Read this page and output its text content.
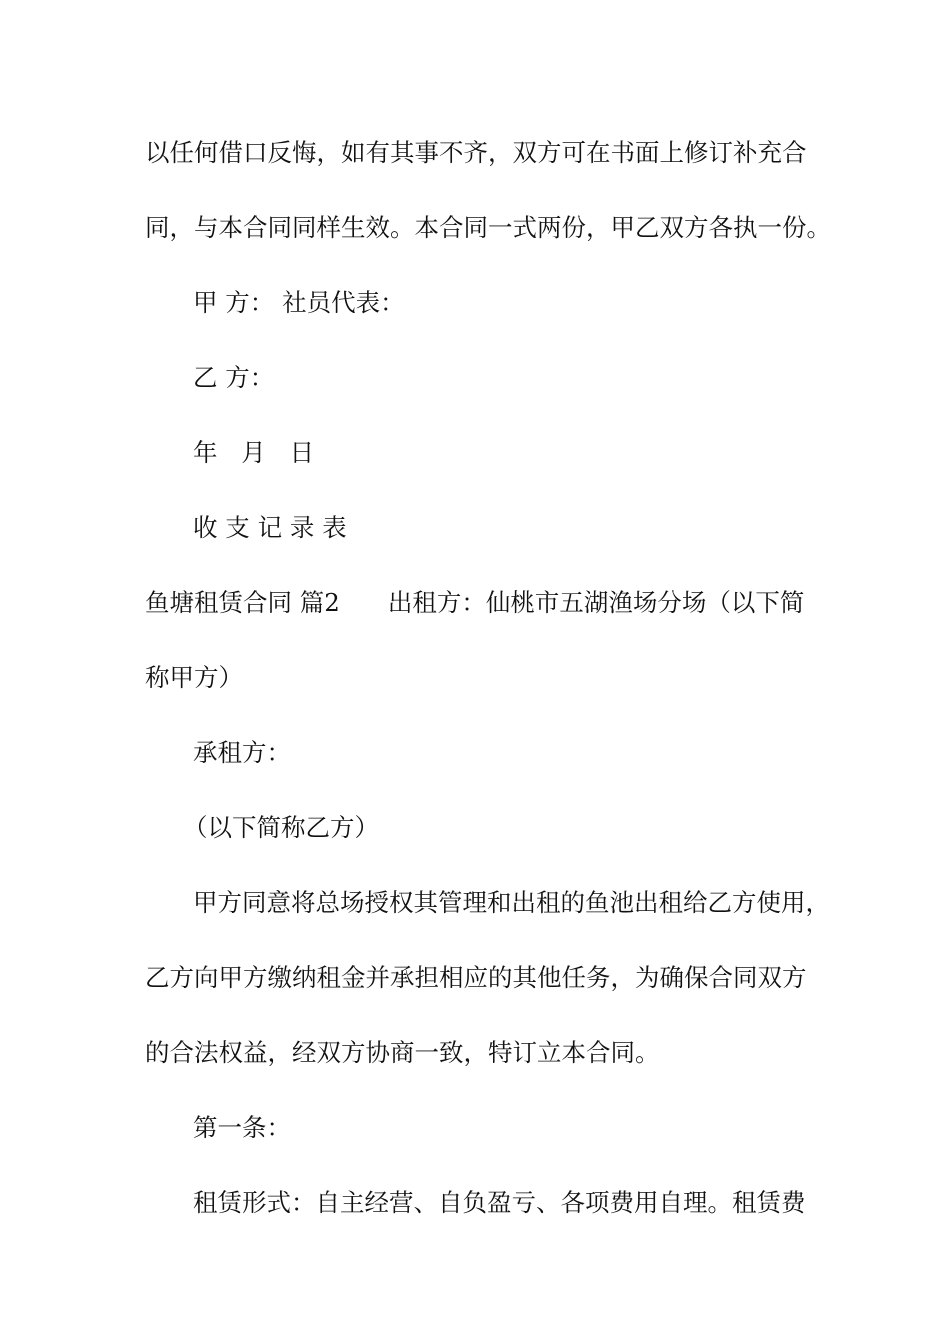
以任何借口反悔，如有其事不齐，双方可在书面上修订补充合
同，与本合同同样生效。本合同一式两份，甲乙双方各执一份。
甲 方： 社员代表：
乙 方：
年 月 日
收 支 记 录 表
鱼塘租赁合同 篇2 出租方：仙桃市五湖渔场分场（以下简
称甲方）
承租方：
（以下简称乙方）
甲方同意将总场授权其管理和出租的鱼池出租给乙方使用，
乙方向甲方缴纳租金并承担相应的其他任务，为确保合同双方
的合法权益，经双方协商一致，特订立本合同。
第一条：
租赁形式：自主经营、自负盈亏、各项费用自理。租赁费
